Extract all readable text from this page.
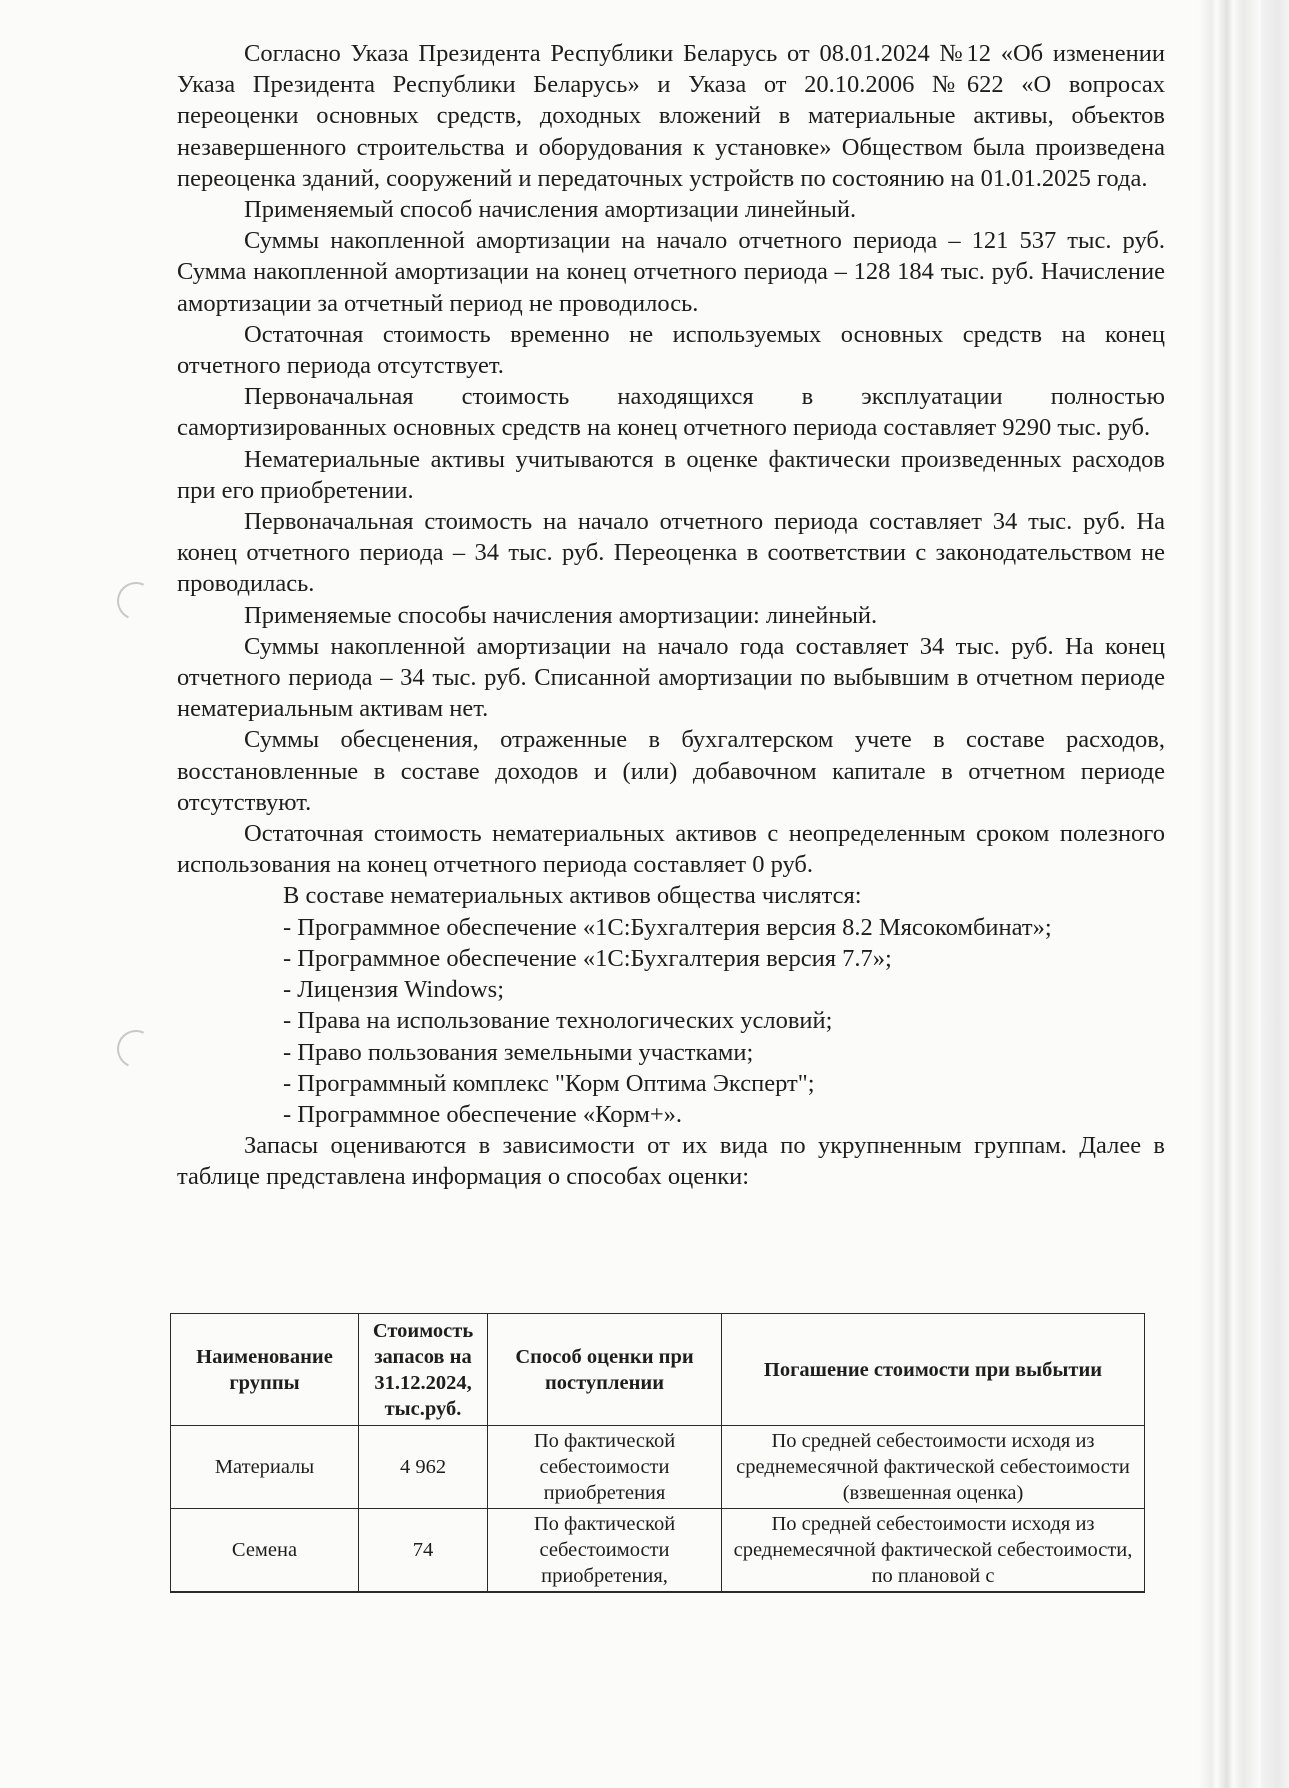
Согласно Указа Президента Республики Беларусь от 08.01.2024 №12 «Об изменении Указа Президента Республики Беларусь» и Указа от 20.10.2006 №622 «О вопросах переоценки основных средств, доходных вложений в материальные активы, объектов незавершенного строительства и оборудования к установке» Обществом была произведена переоценка зданий, сооружений и передаточных устройств по состоянию на 01.01.2025 года.

Применяемый способ начисления амортизации линейный.

Суммы накопленной амортизации на начало отчетного периода – 121 537 тыс. руб. Сумма накопленной амортизации на конец отчетного периода – 128 184 тыс. руб. Начисление амортизации за отчетный период не проводилось.

Остаточная стоимость временно не используемых основных средств на конец отчетного периода отсутствует.

Первоначальная стоимость находящихся в эксплуатации полностью самортизированных основных средств на конец отчетного периода составляет 9290 тыс. руб.

Нематериальные активы учитываются в оценке фактически произведенных расходов при его приобретении.

Первоначальная стоимость на начало отчетного периода составляет 34 тыс. руб. На конец отчетного периода – 34 тыс. руб. Переоценка в соответствии с законодательством не проводилась.

Применяемые способы начисления амортизации: линейный.

Суммы накопленной амортизации на начало года составляет 34 тыс. руб. На конец отчетного периода – 34 тыс. руб. Списанной амортизации по выбывшим в отчетном периоде нематериальным активам нет.

Суммы обесценения, отраженные в бухгалтерском учете в составе расходов, восстановленные в составе доходов и (или) добавочном капитале в отчетном периоде отсутствуют.

Остаточная стоимость нематериальных активов с неопределенным сроком полезного использования на конец отчетного периода составляет 0 руб.

В составе нематериальных активов общества числятся:

- Программное обеспечение «1С:Бухгалтерия версия 8.2 Мясокомбинат»;

- Программное обеспечение «1С:Бухгалтерия версия 7.7»;

- Лицензия Windows;

- Права на использование технологических условий;

- Право пользования земельными участками;

- Программный комплекс "Корм Оптима Эксперт";

- Программное обеспечение «Корм+».

Запасы оцениваются в зависимости от их вида по укрупненным группам. Далее в таблице представлена информация о способах оценки:

Наименование группы	Стоимость запасов на 31.12.2024, тыс.руб.	Способ оценки при поступлении	Погашение стоимости при выбытии
Материалы	4 962	По фактической себестоимости приобретения	По средней себестоимости исходя из среднемесячной фактической себестоимости (взвешенная оценка)
Семена	74	По фактической себестоимости приобретения,	По средней себестоимости исходя из среднемесячной фактической себестоимости, по плановой с
